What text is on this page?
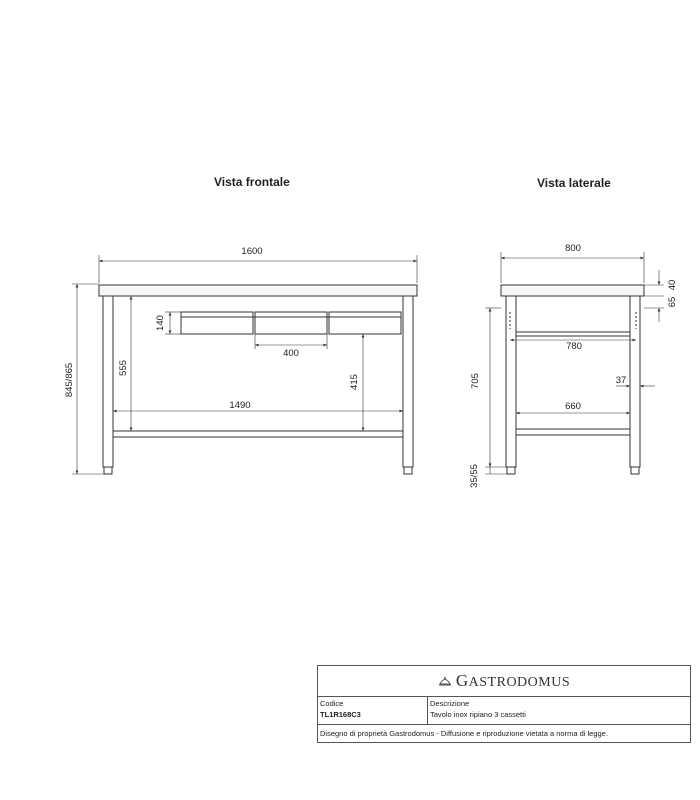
Vista frontale	Vista laterale
1600
845/865
140
400
555
1490
415
800
65
40
780
705	37
660
35/55
GASTRODOMUS
Codice
TL1R168C3
Descrizione
Tavolo inox ripiano 3 cassetti
Disegno di proprietà Gastrodomus - Diffusione e riproduzione vietata a norma di legge.
